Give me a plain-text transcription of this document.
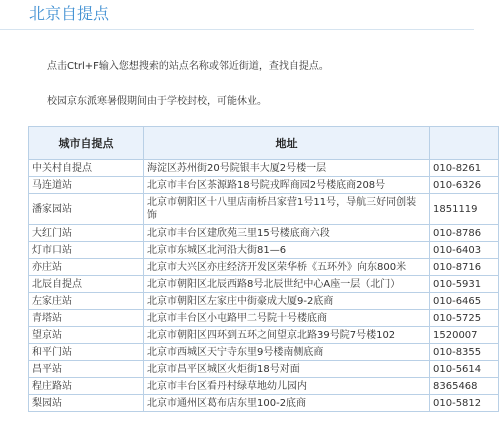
北京自提点
点击Ctrl+F输入您想搜索的站点名称或邻近街道，查找自提点。
校园京东派寒暑假期间由于学校封校，可能休业。
城市自提点	地址	
中关村自提点	海淀区苏州街20号院银丰大厦2号楼一层	010-8261
马连道站	北京市丰台区茶源路18号院戎晖商园2号楼底商208号	010-6326
潘家园站	北京市朝阳区十八里店南桥吕家营1号11号，导航三好同创装饰	1851119
大红门站	北京市丰台区建欣苑三里15号楼底商六段	010-8786
灯市口站	北京市东城区北河沿大街81—6	010-6403
亦庄站	北京市大兴区亦庄经济开发区荣华桥《五环外》向东800米	010-8716
北辰自提点	北京市朝阳区北辰西路8号北辰世纪中心A座一层（北门）	010-5931
左家庄站	北京市朝阳区左家庄中街豪成大厦9-2底商	010-6465
青塔站	北京市丰台区小屯路甲二号院十号楼底商	010-5725
望京站	北京市朝阳区四环到五环之间望京北路39号院7号楼102	1520007
和平门站	北京市西城区天宁寺东里9号楼南侧底商	010-8355
昌平站	北京市昌平区城区火炬街18号对面	010-5614
程庄路站	北京市丰台区看丹村绿草地幼儿园内	8365468
梨园站	北京市通州区葛布店东里100-2底商	010-5812
